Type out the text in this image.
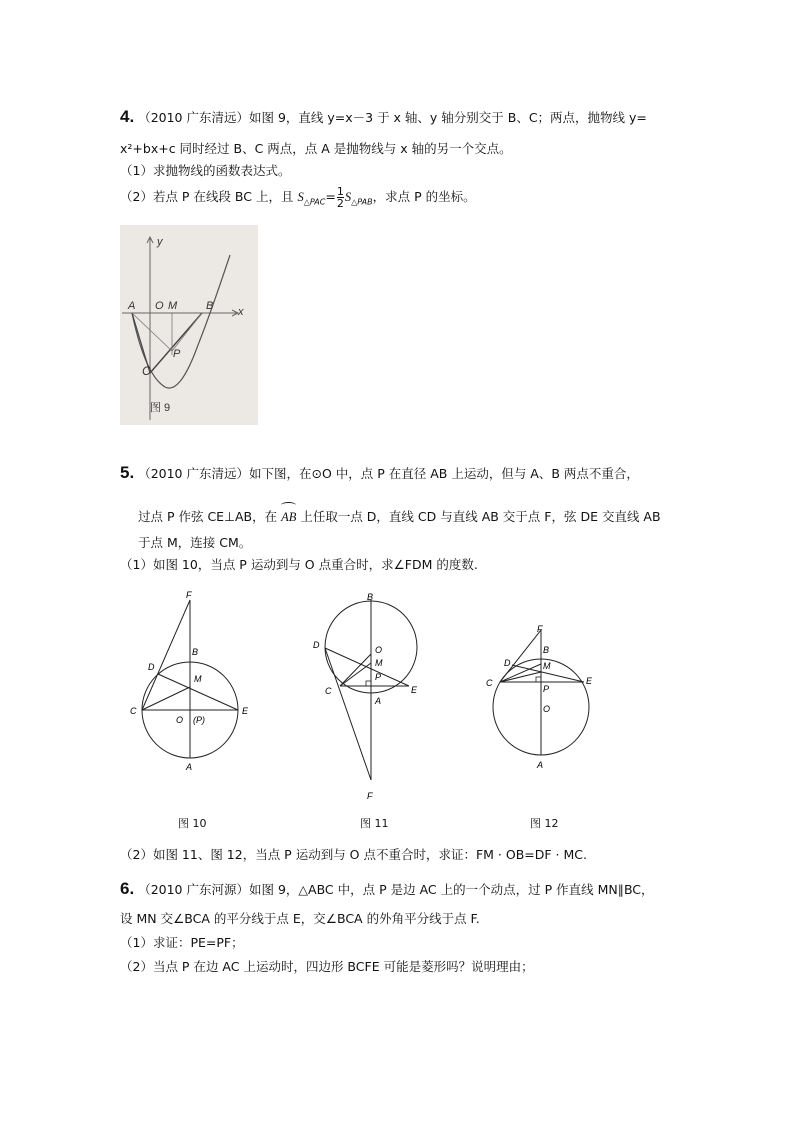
4. （2010 广东清远）如图 9，直线 y=x－3 于 x 轴、y 轴分别交于 B、C；两点，抛物线 y=
x²+bx+c 同时经过 B、C 两点，点 A 是抛物线与 x 轴的另一个交点。
（1）求抛物线的函数表达式。
（2）若点 P 在线段 BC 上，且 $S_{\triangle PAC}= \frac{1}{2} S_{\triangle PAB}$，求点 P 的坐标。
y
x
A O M	B
P
C
图 9
5. （2010 广东清远）如下图，在⊙O 中，点 P 在直径 AB 上运动，但与 A、B 两点不重合，
过点 P 作弦 CE⊥AB，在 AB 上任取一点 D，直线 CD 与直线 AB 交于点 F，弦 DE 交直线 AB
于点 M，连接 CM。
（1）如图 10，当点 P 运动到与 O 点重合时，求∠FDM 的度数.
F
B
D
M
C
O (P)
E
A
图 10
B
D	O
M
P
C	E
A
F
图 11
F
B
D	M
C
P
E
O
A
图 12
（2）如图 11、图 12，当点 P 运动到与 O 点不重合时，求证：FM · OB=DF · MC.
6. （2010 广东河源）如图 9，△ABC 中，点 P 是边 AC 上的一个动点，过 P 作直线 MN∥BC，
设 MN 交∠BCA 的平分线于点 E，交∠BCA 的外角平分线于点 F.
（1）求证：PE=PF；
（2）当点 P 在边 AC 上运动时，四边形 BCFE 可能是菱形吗？说明理由；
